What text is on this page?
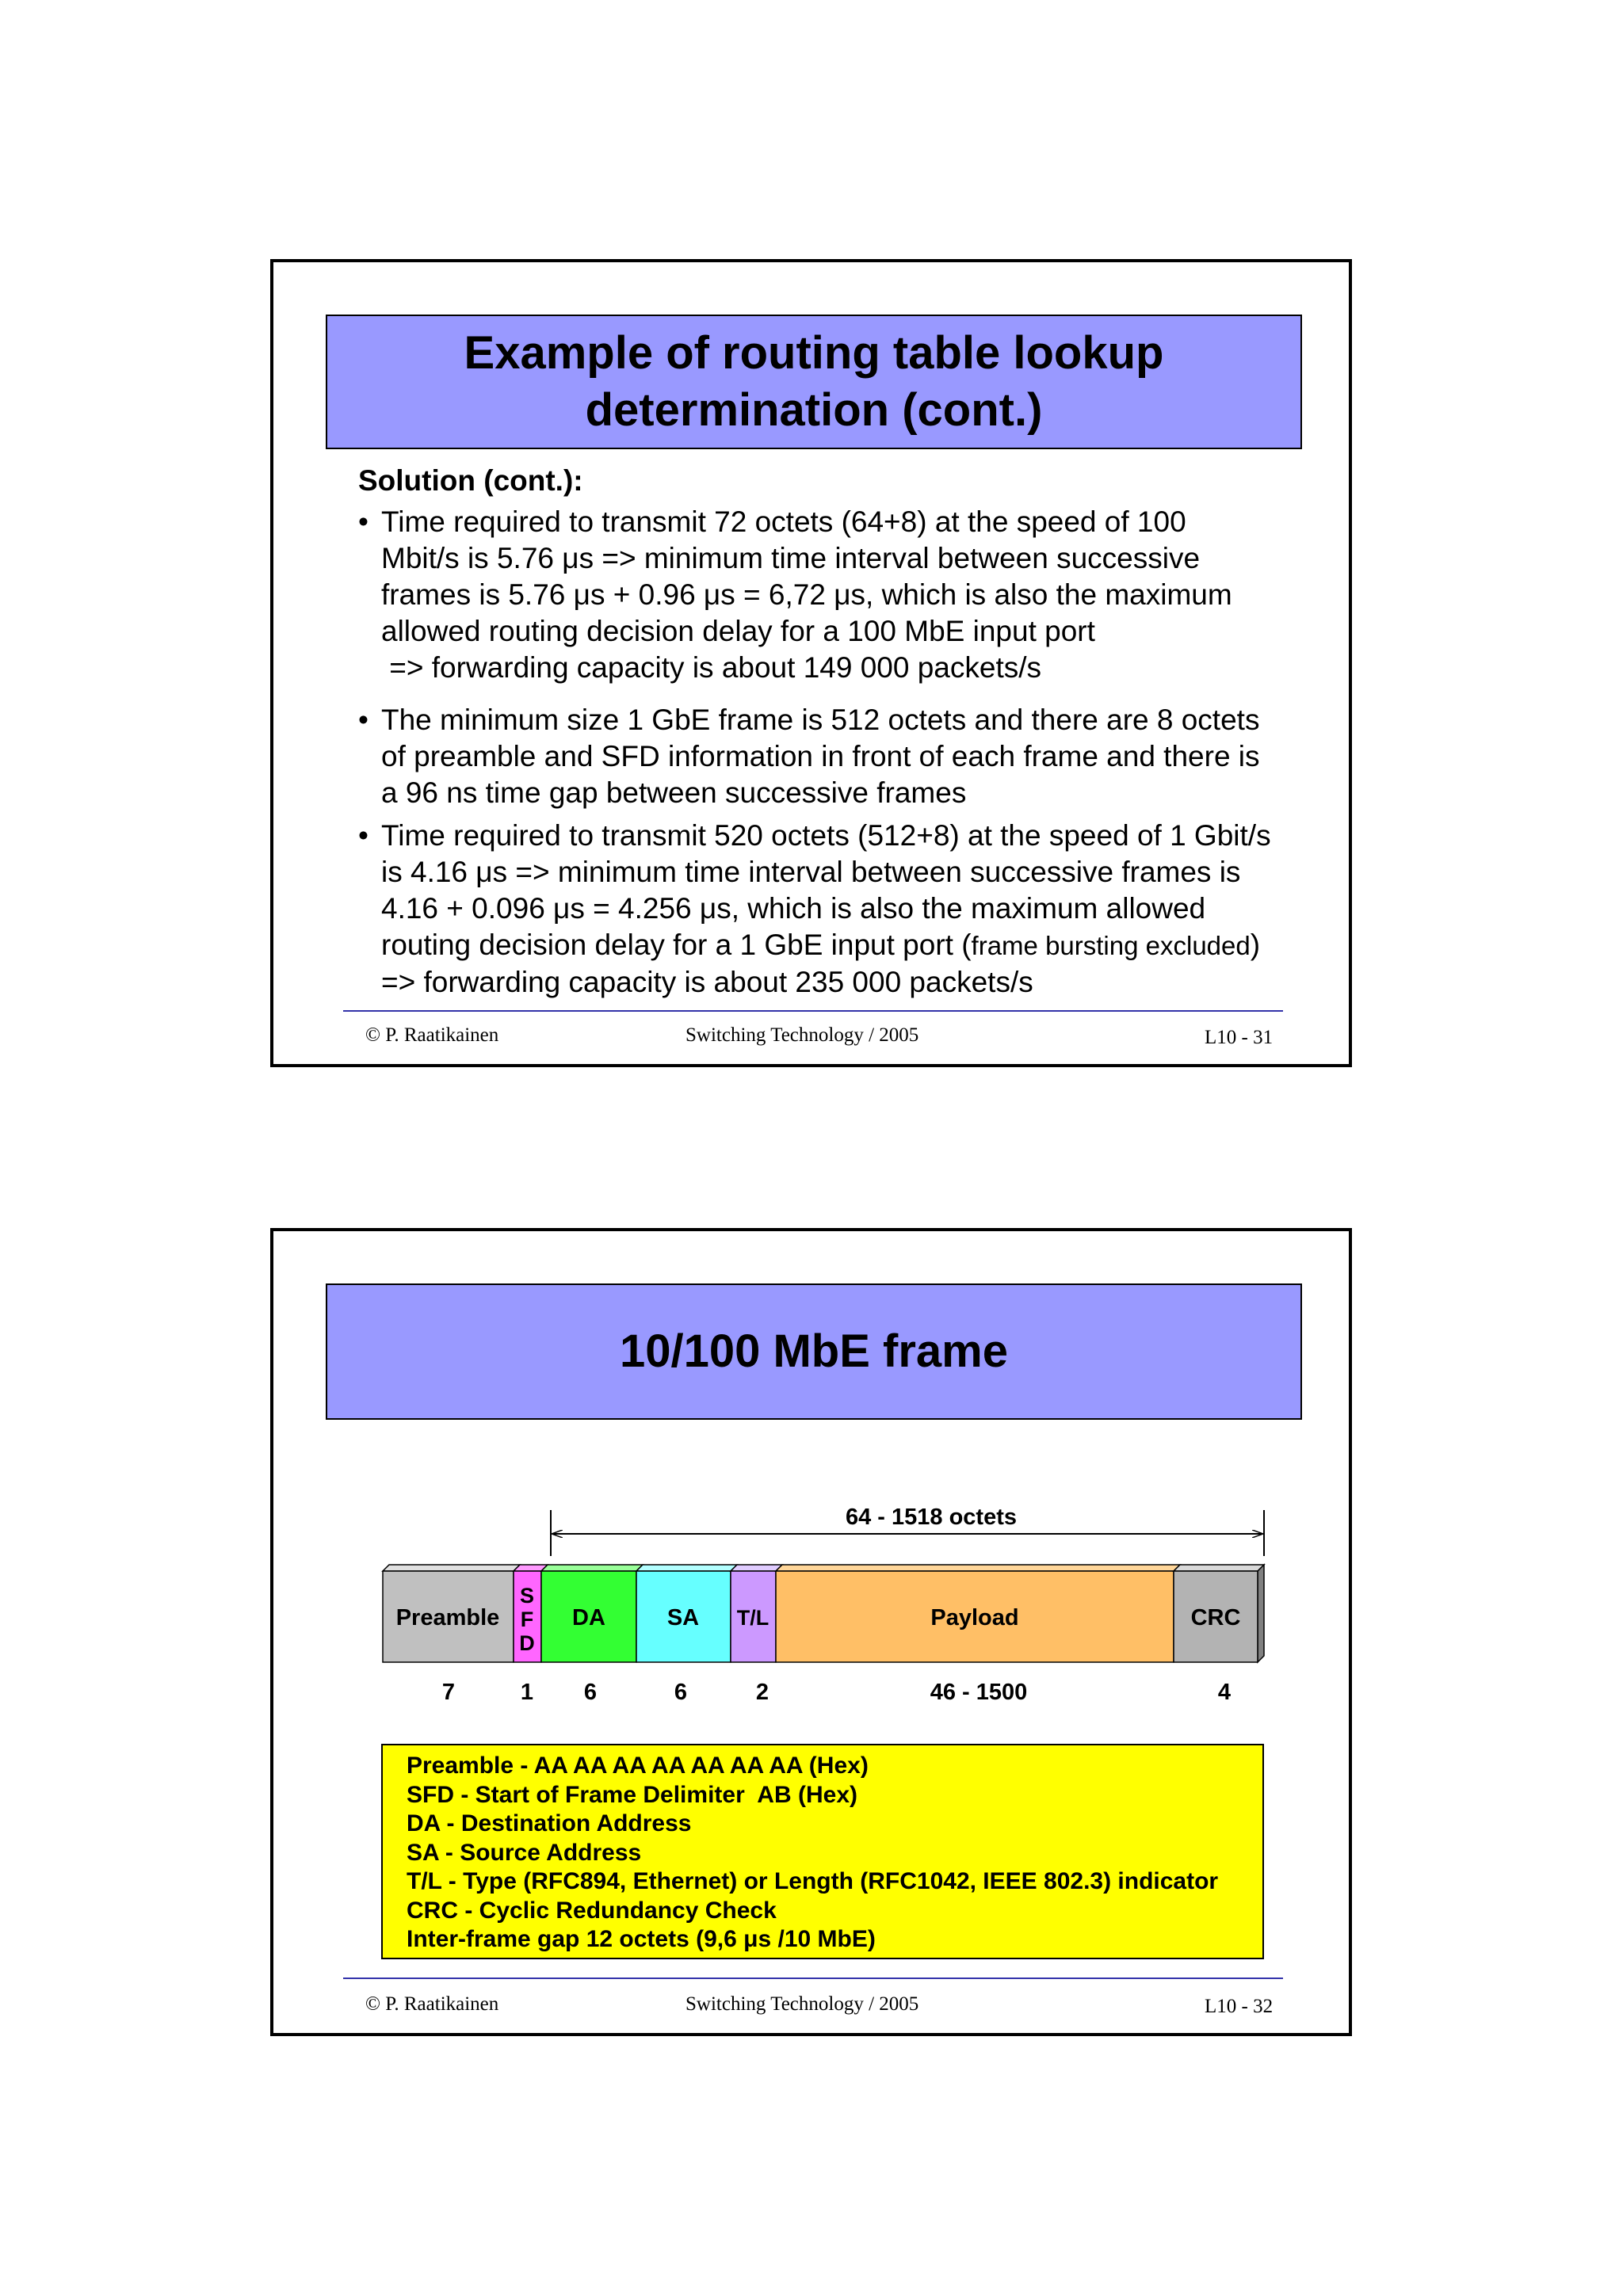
Example of routing table lookup
determination (cont.)
Solution (cont.):
• Time required to transmit 72 octets (64+8) at the speed of 100
Mbit/s is 5.76 μs => minimum time interval between successive
frames is 5.76 μs + 0.96 μs = 6,72 μs, which is also the maximum
allowed routing decision delay for a 100 MbE input port
=> forwarding capacity is about 149 000 packets/s
• The minimum size 1 GbE frame is 512 octets and there are 8 octets
of preamble and SFD information in front of each frame and there is
a 96 ns time gap between successive frames
• Time required to transmit 520 octets (512+8) at the speed of 1 Gbit/s
is 4.16 μs => minimum time interval between successive frames is
4.16 + 0.096 μs = 4.256 μs, which is also the maximum allowed
routing decision delay for a 1 GbE input port (frame bursting excluded)
=> forwarding capacity is about 235 000 packets/s
© P. Raatikainen	Switching Technology / 2005	L10 - 31
10/100 MbE frame
64 - 1518 octets
Preamble
S
F
D
DA	SA T/L	Payload	CRC
7	1 6	6	2	46 - 1500	4
Preamble - AA AA AA AA AA AA AA (Hex)
SFD - Start of Frame Delimiter  AB (Hex)
DA - Destination Address
SA - Source Address
T/L - Type (RFC894, Ethernet) or Length (RFC1042, IEEE 802.3) indicator
CRC - Cyclic Redundancy Check
Inter-frame gap 12 octets (9,6 μs /10 MbE)
© P. Raatikainen	Switching Technology / 2005	L10 - 32
